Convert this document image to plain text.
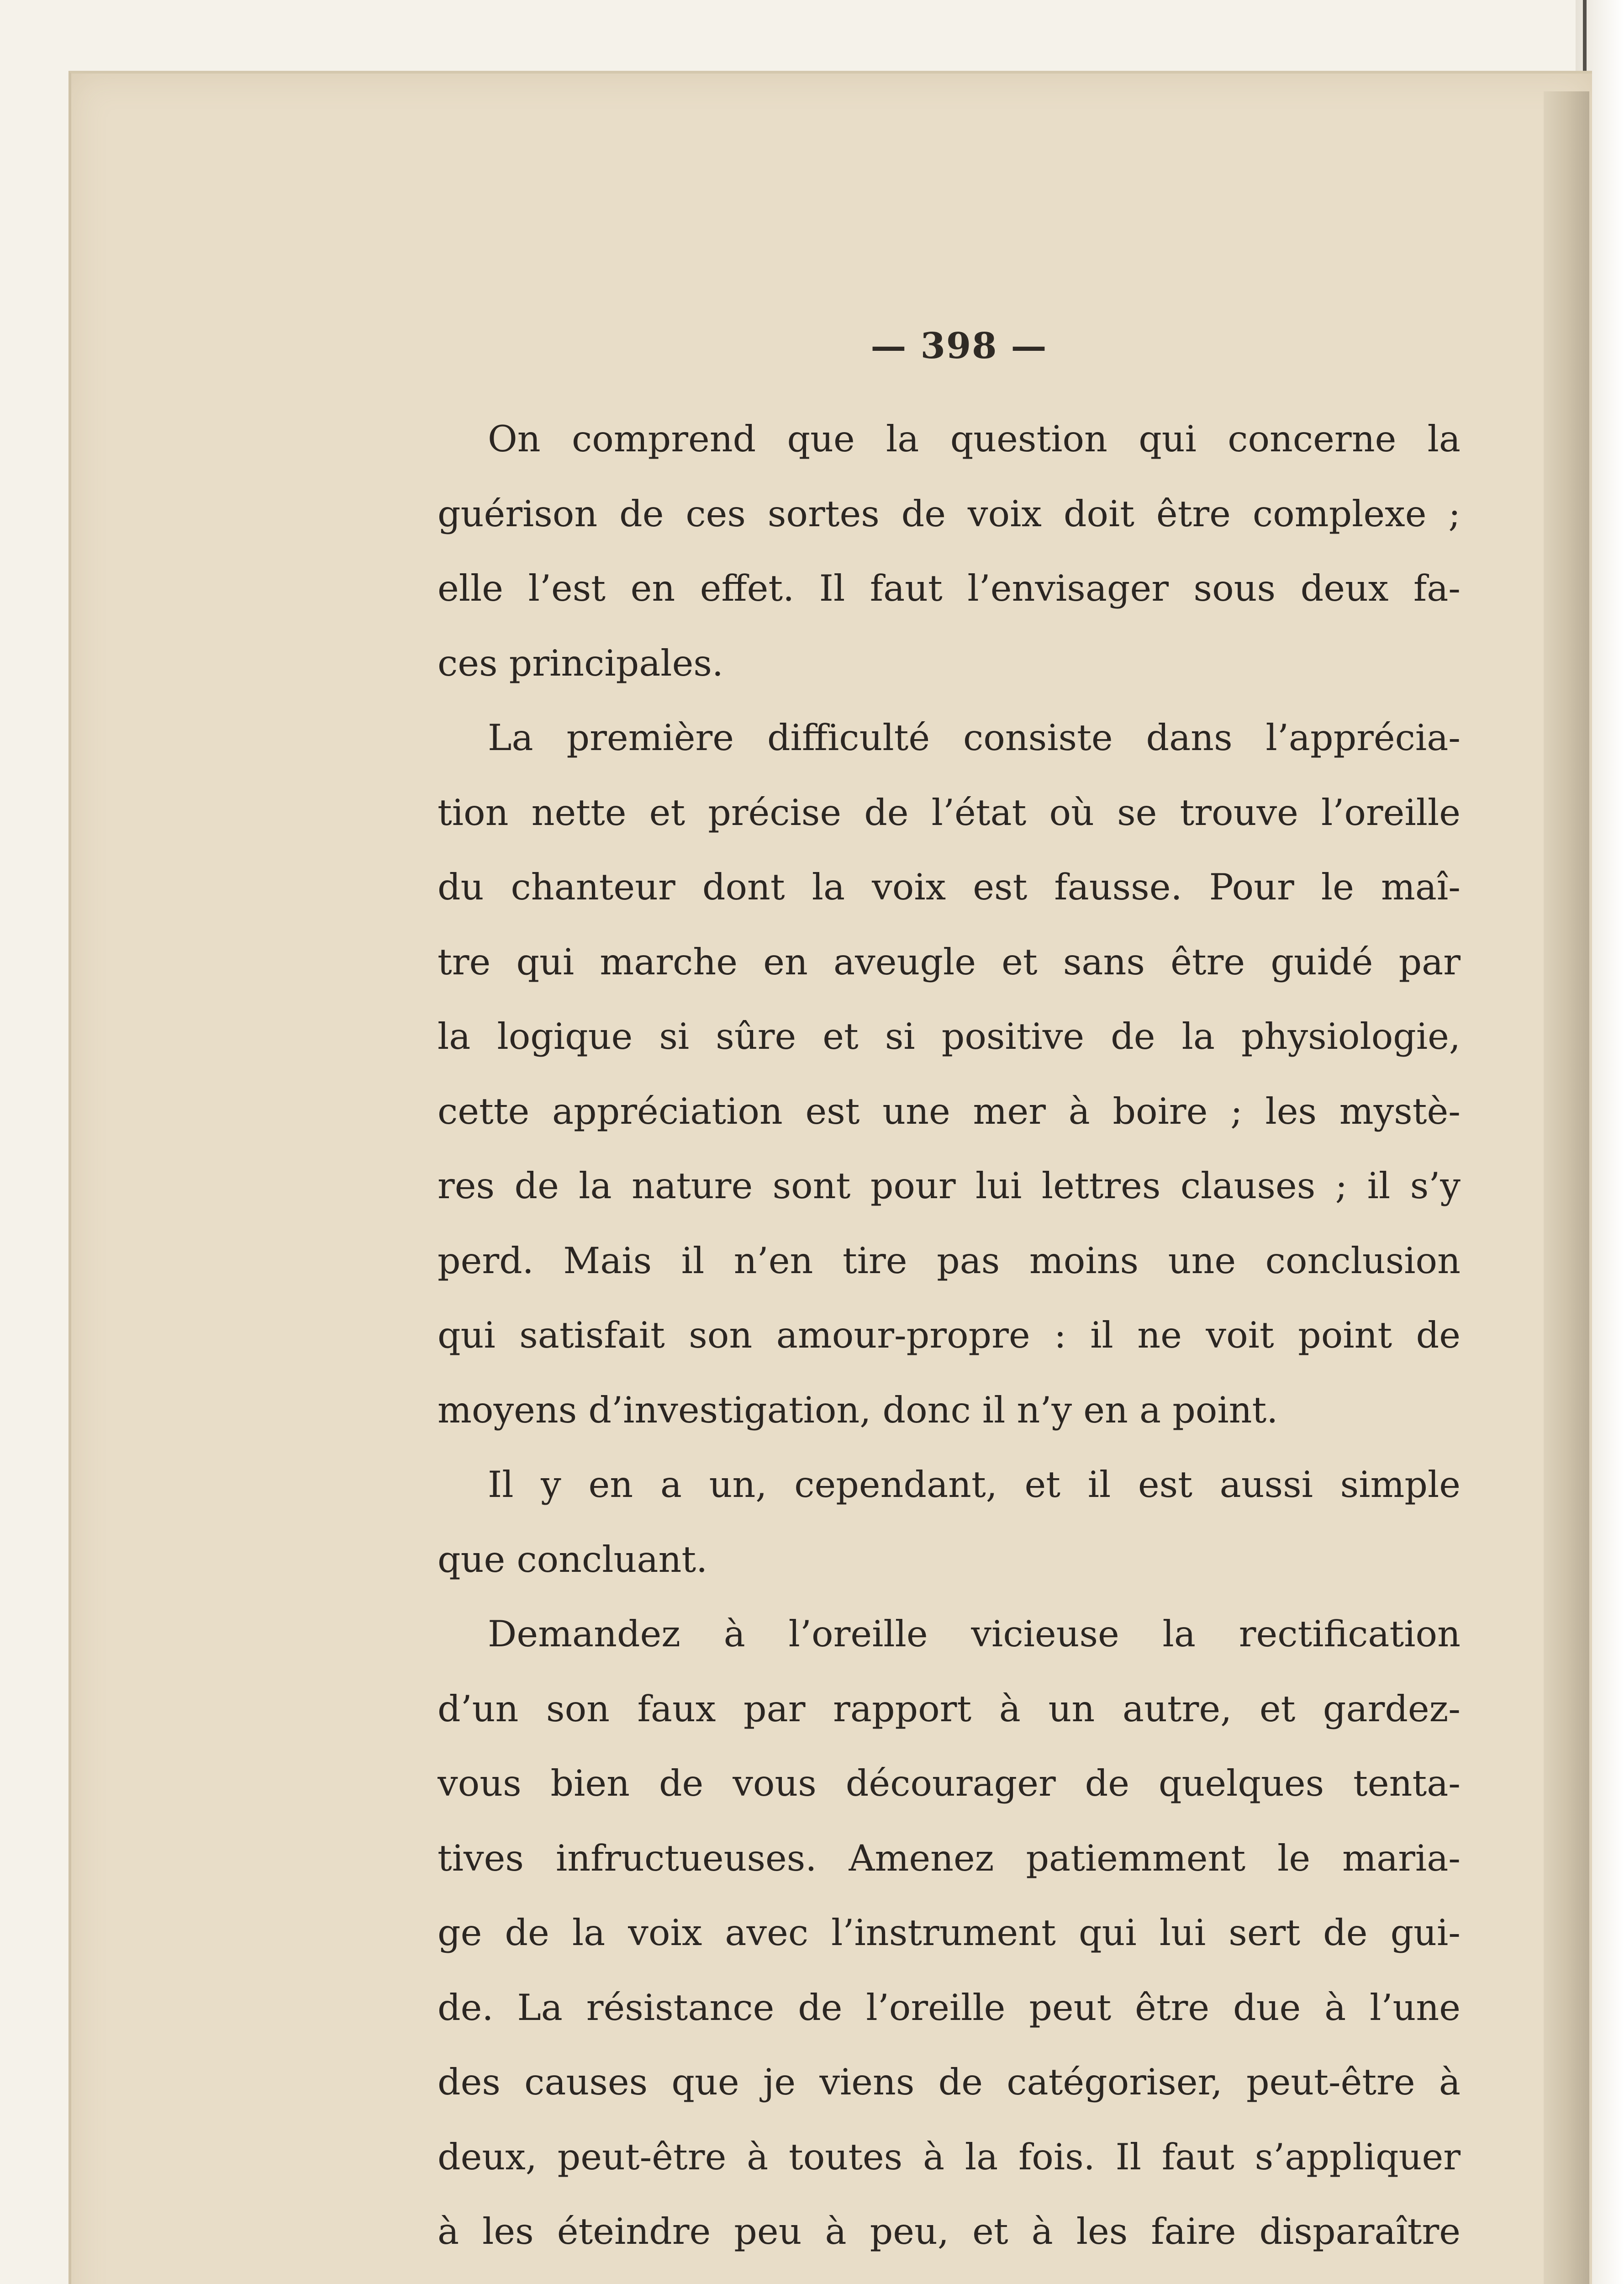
— 398 —
On comprend que la question qui concerne la
guérison de ces sortes de voix doit être complexe ;
elle l’est en effet. Il faut l’envisager sous deux fa-
ces principales.
La première difficulté consiste dans l’apprécia-
tion nette et précise de l’état où se trouve l’oreille
du chanteur dont la voix est fausse. Pour le maî-
tre qui marche en aveugle et sans être guidé par
la logique si sûre et si positive de la physiologie,
cette appréciation est une mer à boire ; les mystè-
res de la nature sont pour lui lettres clauses ; il s’y
perd. Mais il n’en tire pas moins une conclusion
qui satisfait son amour-propre : il ne voit point de
moyens d’investigation, donc il n’y en a point.
Il y en a un, cependant, et il est aussi simple
que concluant.
Demandez à l’oreille vicieuse la rectification
d’un son faux par rapport à un autre, et gardez-
vous bien de vous décourager de quelques tenta-
tives infructueuses. Amenez patiemment le maria-
ge de la voix avec l’instrument qui lui sert de gui-
de. La résistance de l’oreille peut être due à l’une
des causes que je viens de catégoriser, peut-être à
deux, peut-être à toutes à la fois. Il faut s’appliquer
à les éteindre peu à peu, et à les faire disparaître
